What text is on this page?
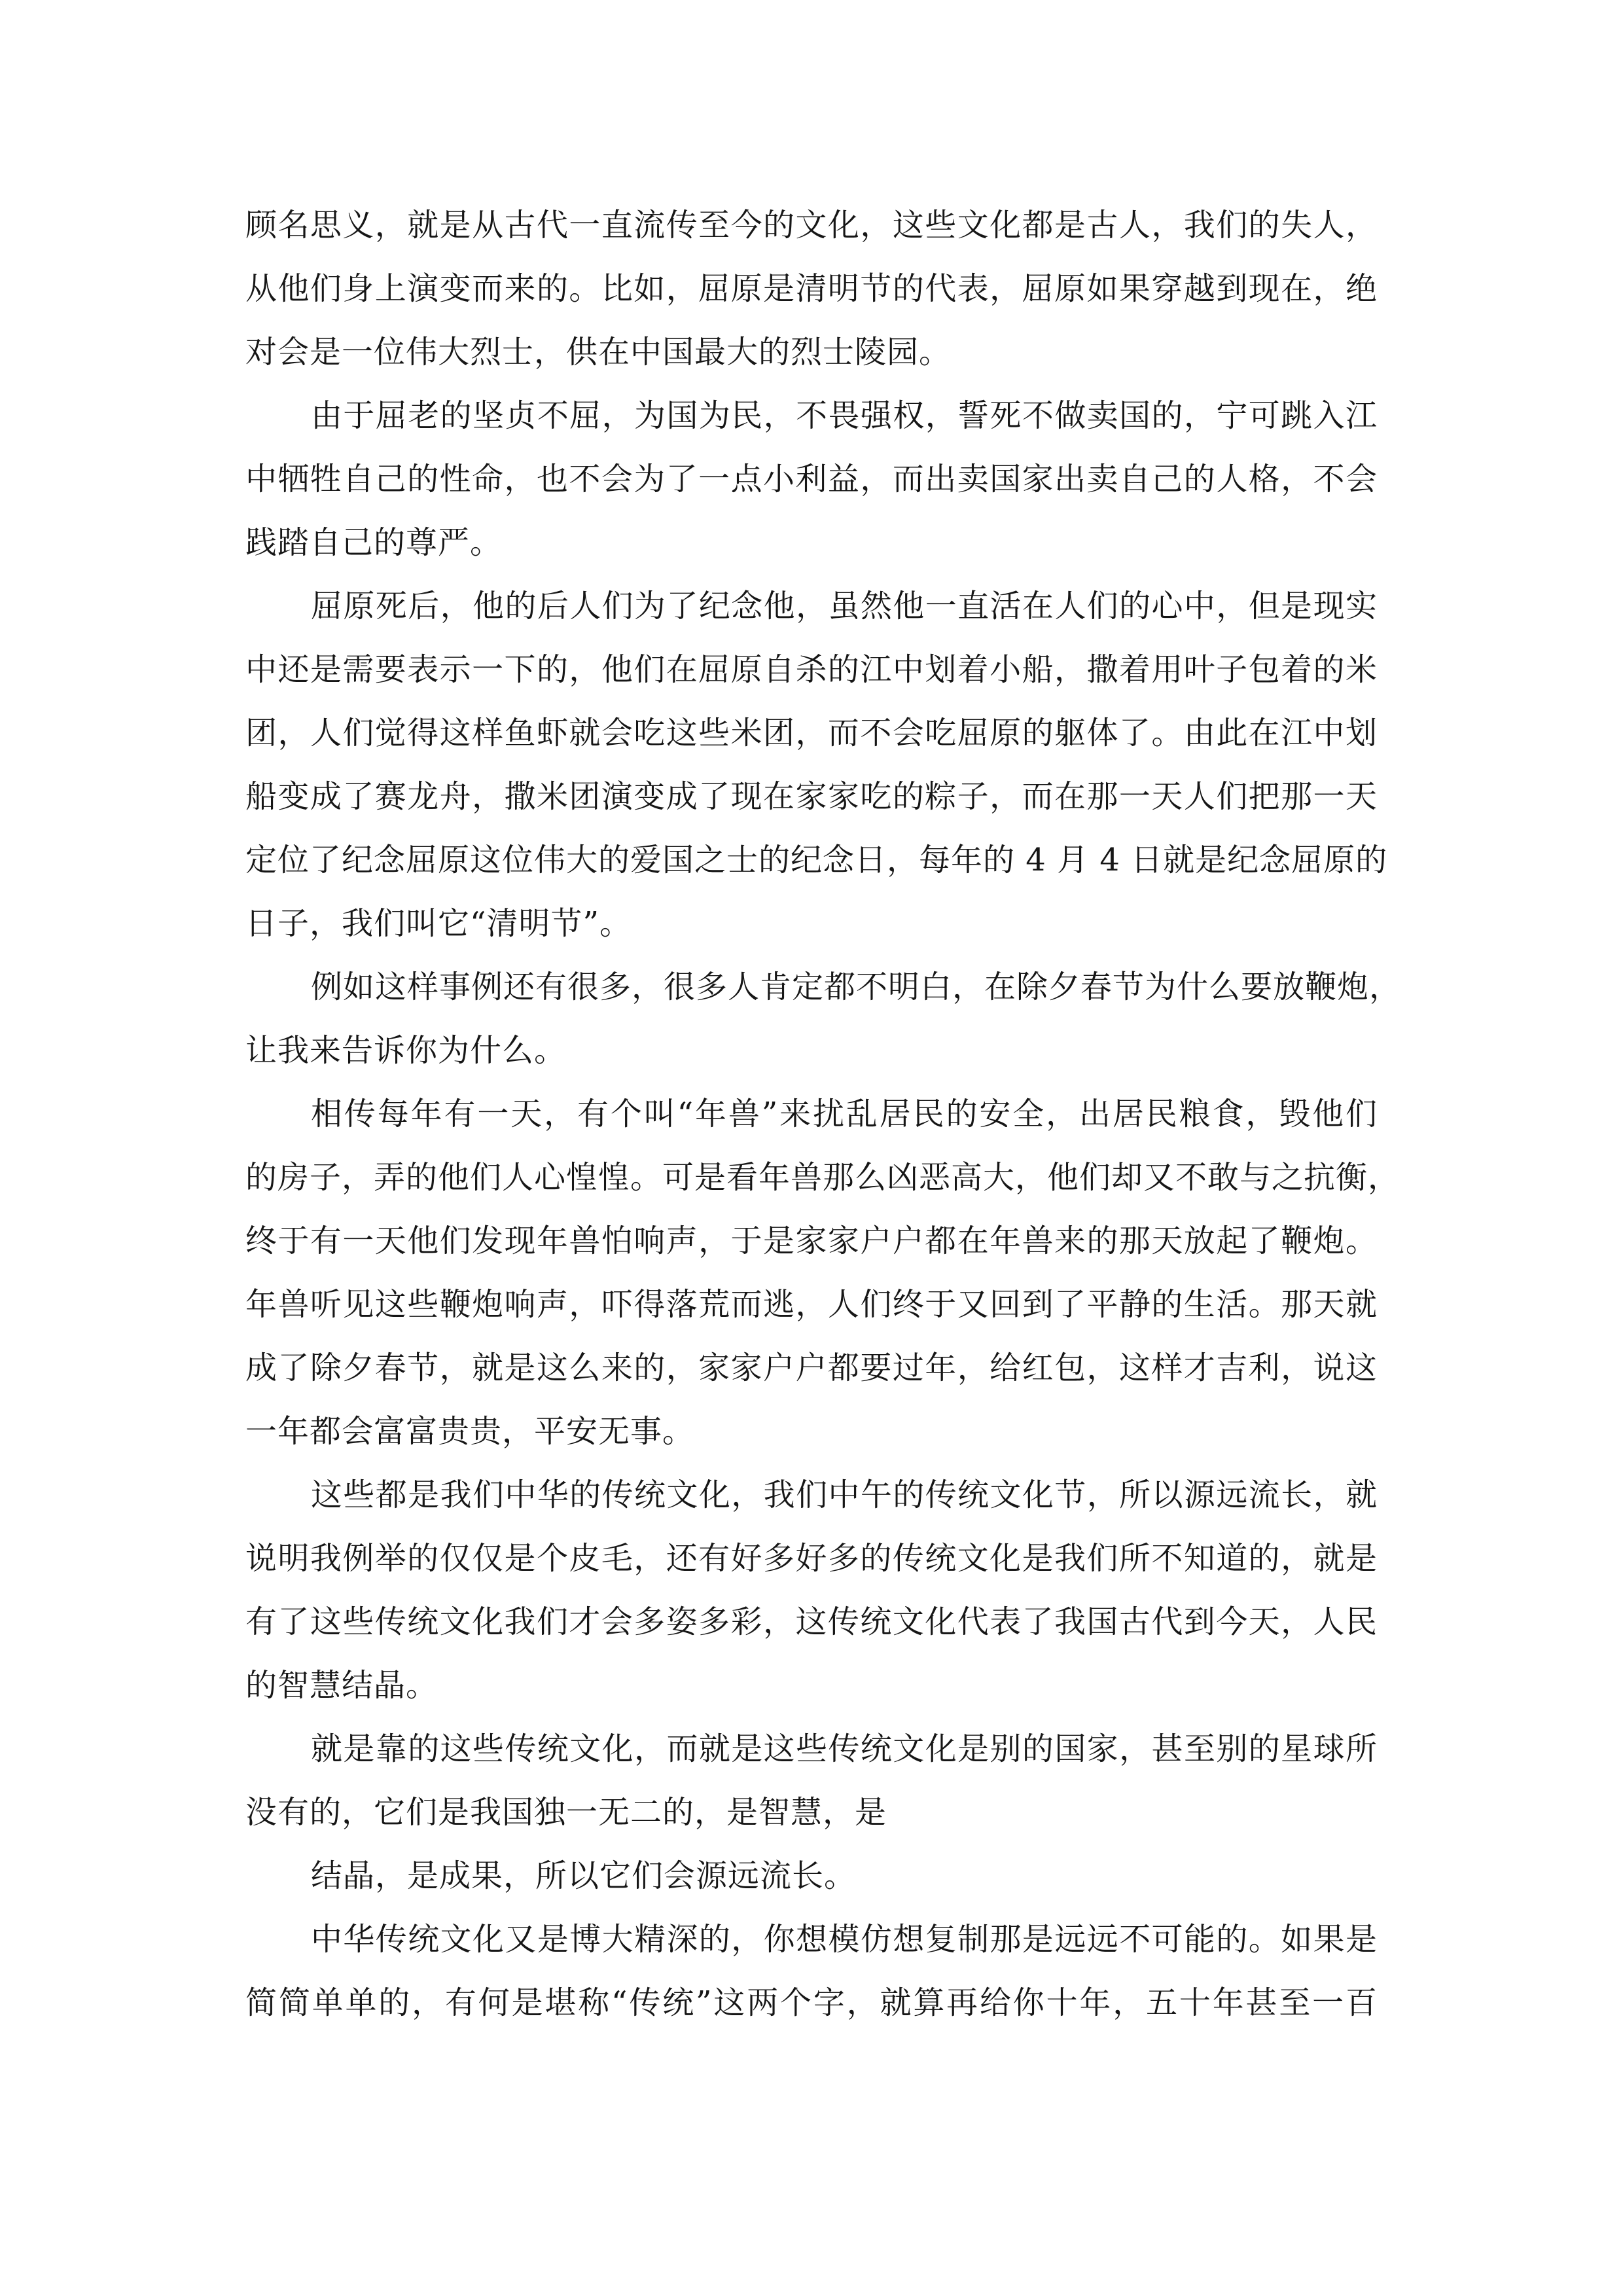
顾名思义，就是从古代一直流传至今的文化，这些文化都是古人，我们的失人，
从他们身上演变而来的。比如，屈原是清明节的代表，屈原如果穿越到现在，绝
对会是一位伟大烈士，供在中国最大的烈士陵园。
由于屈老的坚贞不屈，为国为民，不畏强权，誓死不做卖国的，宁可跳入江
中牺牲自己的性命，也不会为了一点小利益，而出卖国家出卖自己的人格，不会
践踏自己的尊严。
屈原死后，他的后人们为了纪念他，虽然他一直活在人们的心中，但是现实
中还是需要表示一下的，他们在屈原自杀的江中划着小船，撒着用叶子包着的米
团，人们觉得这样鱼虾就会吃这些米团，而不会吃屈原的躯体了。由此在江中划
船变成了赛龙舟，撒米团演变成了现在家家吃的粽子，而在那一天人们把那一天
定位了纪念屈原这位伟大的爱国之士的纪念日，每年的 4 月 4 日就是纪念屈原的
日子，我们叫它“清明节”。
例如这样事例还有很多，很多人肯定都不明白，在除夕春节为什么要放鞭炮，
让我来告诉你为什么。
相传每年有一天，有个叫“年兽”来扰乱居民的安全，出居民粮食，毁他们
的房子，弄的他们人心惶惶。可是看年兽那么凶恶高大，他们却又不敢与之抗衡，
终于有一天他们发现年兽怕响声，于是家家户户都在年兽来的那天放起了鞭炮。
年兽听见这些鞭炮响声，吓得落荒而逃，人们终于又回到了平静的生活。那天就
成了除夕春节，就是这么来的，家家户户都要过年，给红包，这样才吉利，说这
一年都会富富贵贵，平安无事。
这些都是我们中华的传统文化，我们中午的传统文化节，所以源远流长，就
说明我例举的仅仅是个皮毛，还有好多好多的传统文化是我们所不知道的，就是
有了这些传统文化我们才会多姿多彩，这传统文化代表了我国古代到今天，人民
的智慧结晶。
就是靠的这些传统文化，而就是这些传统文化是别的国家，甚至别的星球所
没有的，它们是我国独一无二的，是智慧，是
结晶，是成果，所以它们会源远流长。
中华传统文化又是博大精深的，你想模仿想复制那是远远不可能的。如果是
简简单单的，有何是堪称“传统”这两个字，就算再给你十年，五十年甚至一百
